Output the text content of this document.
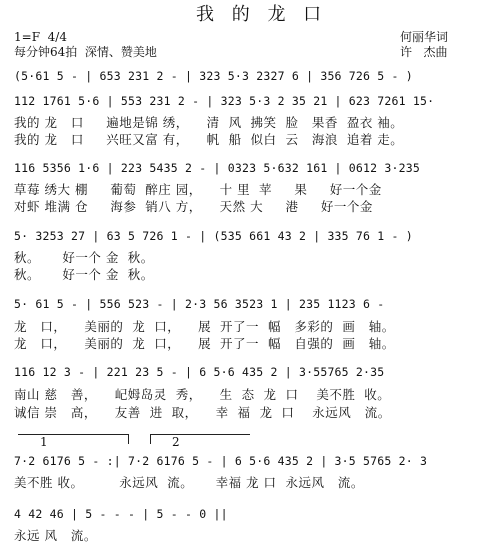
我 的 龙 口
1=F  4/4
每分钟64拍  深情、赞美地
何丽华词
许   杰曲
(5·61 5 - | 653 231 2 - | 323 5·3 2327 6 | 356 726 5 - )
112 1761 5·6 | 553 231 2 - | 323 5·3 2 35 21 | 623 7261 15·
我的 龙   口     遍地是锦 绣，    清  风  拂笑  脸   果香  盈衣 袖。
我的 龙   口     兴旺又富 有，    帆  船  似白  云   海浪  追着 走。
116 5356 1·6 | 223 5435 2 - | 0323 5·632 161 | 0612 3·235
草莓 绣大 棚     葡萄  醉庄 园，    十 里  苹     果     好一个金
对虾 堆满 仓     海参  销八 方，    天然 大     港     好一个金
5· 3253 27 | 63 5 726 1 - | (535 661 43 2 | 335 76 1 - )
秋。     好一个 金  秋。
秋。     好一个 金  秋。
5· 61 5 - | 556 523 - | 2·3 56 3523 1 | 235 1123 6 -
龙   口，    美丽的  龙  口，    展  开了一  幅   多彩的  画   轴。
龙   口，    美丽的  龙  口，    展  开了一  幅   自强的  画   轴。
116 12 3 - | 221 23 5 - | 6 5·6 435 2 | 3·55765 2·35
南山 慈   善，    屺姆岛灵  秀，    生  态  龙  口    美不胜  收。
诚信 崇   高，    友善  进  取，    幸  福  龙  口    永远风   流。
1	2
7·2 6176 5 - :| 7·2 6176 5 - | 6 5·6 435 2 | 3·5 5765 2· 3
美不胜 收。        永远风  流。     幸福 龙 口  永远风   流。
4 42 46 | 5 - - - | 5 - - 0 ||
永远 风   流。
